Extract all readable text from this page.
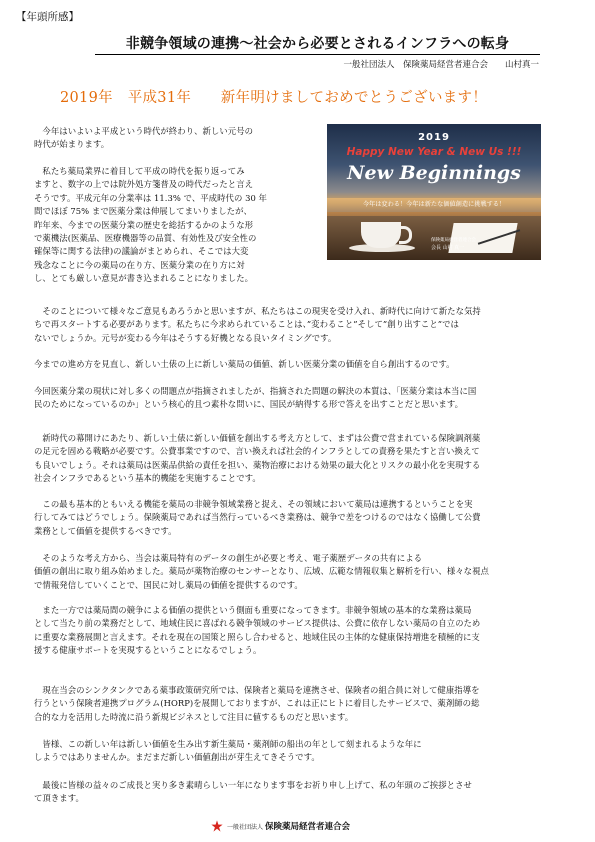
【年頭所感】
非競争領域の連携～社会から必要とされるインフラへの転身
一般社団法人　保険薬局経営者連合会　　山村真一
2019年　平成31年　　新年明けましておめでとうございます！
2019
Happy New Year & New Us !!!
New Beginnings
今年は変わる！今年は新たな価値創造に挑戦する！
保険薬局経営者連合会
会長 山村 真一
　今年はいよいよ平成という時代が終わり、新しい元号の
時代が始まります。
　私たち薬局業界に着目して平成の時代を振り返ってみ
ますと、数字の上では院外処方箋普及の時代だったと言え
そうです。平成元年の分業率は 11.3% で、平成時代の 30 年
間でほぼ 75% まで医薬分業は伸展してまいりましたが、
昨年来、今までの医薬分業の歴史を総括するかのような形
で薬機法(医薬品、医療機器等の品質、有効性及び安全性の
確保等に関する法律)の議論がまとめられ、そこでは大変
残念なことに今の薬局の在り方、医薬分業の在り方に対
し、とても厳しい意見が書き込まれることになりました。
　そのことについて様々なご意見もあろうかと思いますが、私たちはこの現実を受け入れ、新時代に向けて新たな気持
ちで再スタートする必要があります。私たちに今求められていることは、”変わること”そして”創り出すこと”では
ないでしょうか。元号が変わる今年はそうする好機となる良いタイミングです。
今までの進め方を見直し、新しい土俵の上に新しい薬局の価値、新しい医薬分業の価値を自ら創出するのです。
今回医薬分業の現状に対し多くの問題点が指摘されましたが、指摘された問題の解決の本質は、「医薬分業は本当に国
民のためになっているのか」という核心的且つ素朴な問いに、国民が納得する形で答えを出すことだと思います。
　新時代の幕開けにあたり、新しい土俵に新しい価値を創出する考え方として、まずは公費で営まれている保険調剤薬
の足元を固める戦略が必要です。公費事業ですので、言い換えれば社会的インフラとしての責務を果たすと言い換えて
も良いでしょう。それは薬局は医薬品供給の責任を担い、薬物治療における効果の最大化とリスクの最小化を実現する
社会インフラであるという基本的機能を実施することです。
　この最も基本的ともいえる機能を薬局の非競争領域業務と捉え、その領域において薬局は連携するということを実
行してみてはどうでしょう。保険薬局であれば当然行っているべき業務は、競争で差をつけるのではなく協働して公費
業務として価値を提供するべきです。
　そのような考え方から、当会は薬局特有のデータの創生が必要と考え、電子薬歴データの共有による
価値の創出に取り組み始めました。薬局が薬物治療のセンサーとなり、広域、広範な情報収集と解析を行い、様々な視点
で情報発信していくことで、国民に対し薬局の価値を提供するのです。
　また一方では薬局間の競争による価値の提供という側面も重要になってきます。非競争領域の基本的な業務は薬局
として当たり前の業務だとして、地域住民に喜ばれる競争領域のサービス提供は、公費に依存しない薬局の自立のため
に重要な業務展開と言えます。それを現在の国策と照らし合わせると、地域住民の主体的な健康保持増進を積極的に支
援する健康サポートを実現するということになるでしょう。
　現在当会のシンクタンクである薬事政策研究所では、保険者と薬局を連携させ、保険者の組合員に対して健康指導を
行うという保険者連携プログラム(HORP)を展開しておりますが、これは正にヒトに着目したサービスで、薬剤師の総
合的な力を活用した時流に沿う新規ビジネスとして注目に値するものだと思います。
　皆様、この新しい年は新しい価値を生み出す新生薬局・薬剤師の船出の年として刻まれるような年に
しようではありませんか。まだまだ新しい価値創出が芽生えてきそうです。
　最後に皆様の益々のご成長と実り多き素晴らしい一年になります事をお祈り申し上げて、私の年頭のご挨拶とさせ
て頂きます。
一般社団法人 保険薬局経営者連合会
